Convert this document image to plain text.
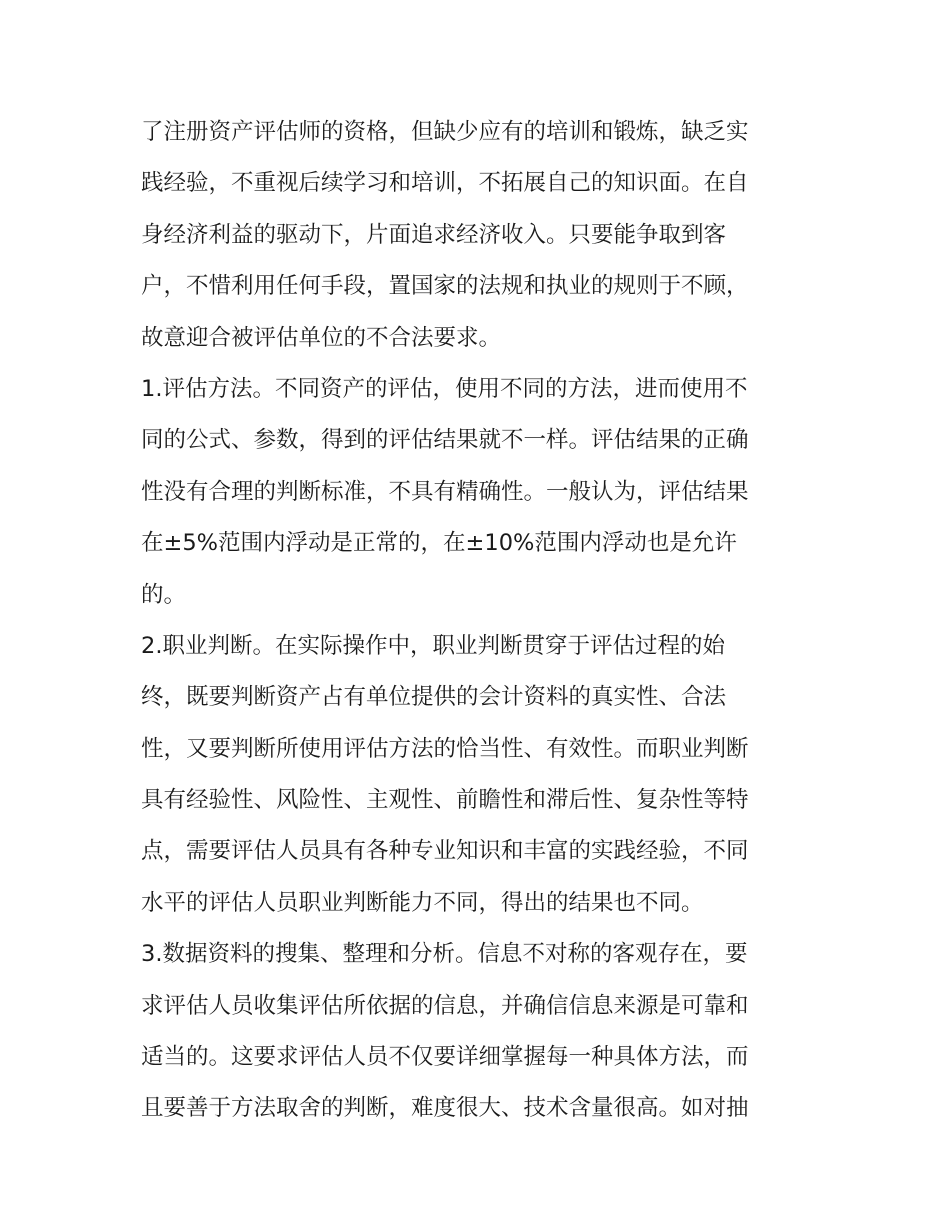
了注册资产评估师的资格，但缺少应有的培训和锻炼，缺乏实
践经验，不重视后续学习和培训，不拓展自己的知识面。在自
身经济利益的驱动下，片面追求经济收入。只要能争取到客
户，不惜利用任何手段，置国家的法规和执业的规则于不顾，
故意迎合被评估单位的不合法要求。
1.评估方法。不同资产的评估，使用不同的方法，进而使用不
同的公式、参数，得到的评估结果就不一样。评估结果的正确
性没有合理的判断标准，不具有精确性。一般认为，评估结果
在±5%范围内浮动是正常的，在±10%范围内浮动也是允许
的。
2.职业判断。在实际操作中，职业判断贯穿于评估过程的始
终，既要判断资产占有单位提供的会计资料的真实性、合法
性，又要判断所使用评估方法的恰当性、有效性。而职业判断
具有经验性、风险性、主观性、前瞻性和滞后性、复杂性等特
点，需要评估人员具有各种专业知识和丰富的实践经验，不同
水平的评估人员职业判断能力不同，得出的结果也不同。
3.数据资料的搜集、整理和分析。信息不对称的客观存在，要
求评估人员收集评估所依据的信息，并确信信息来源是可靠和
适当的。这要求评估人员不仅要详细掌握每一种具体方法，而
且要善于方法取舍的判断，难度很大、技术含量很高。如对抽
